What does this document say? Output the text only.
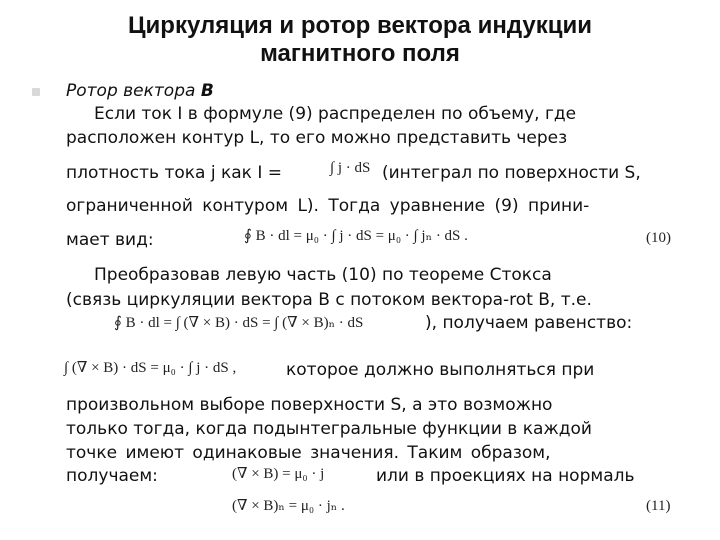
Циркуляция и ротор вектора индукции
магнитного поля
Ротор вектора B
Если ток I в формуле (9) распределен по объему, где
расположен контур L, то его можно представить через
плотность тока j как I =	∫ j · dS (интеграл по поверхности S,
ограниченной контуром L). Тогда уравнение (9) прини-
мает вид:	∮ B · dl = μ₀ · ∫ j · dS = μ₀ · ∫ jₙ · dS .	(10)
Преобразовав левую часть (10) по теореме Стокса
(связь циркуляции вектора B с потоком вектора-rot B, т.е.
∮ B · dl = ∫ (∇ × B) · dS = ∫ (∇ × B)ₙ · dS	), получаем равенство:
∫ (∇ × B) · dS = μ₀ · ∫ j · dS ,	которое должно выполняться при
произвольном выборе поверхности S, а это возможно
только тогда, когда подынтегральные функции в каждой
точке имеют одинаковые значения. Таким образом,
получаем:	(∇ × B) = μ₀ · j	или в проекциях на нормаль
(∇ × B)ₙ = μ₀ · jₙ .	(11)
